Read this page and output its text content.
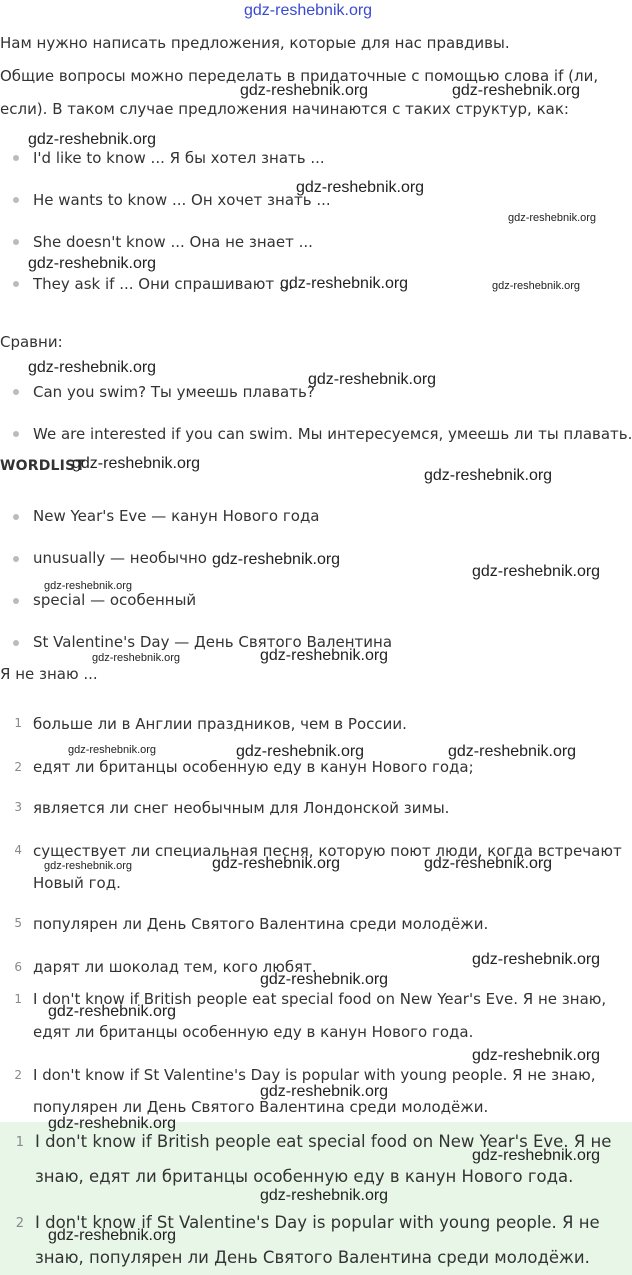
gdz-reshebnik.org
Нам нужно написать предложения, которые для нас правдивы.
Общие вопросы можно переделать в придаточные с помощью слова if (ли,
если). В таком случае предложения начинаются с таких структур, как:
I'd like to know ... Я бы хотел знать ...
He wants to know ... Он хочет знать ...
She doesn't know ... Она не знает ...
They ask if ... Они спрашивают ...
Сравни:
Can you swim? Ты умеешь плавать?
We are interested if you can swim. Мы интересуемся, умеешь ли ты плавать.
WORDLIST
New Year's Eve — канун Нового года
unusually — необычно
special — особенный
St Valentine's Day — День Святого Валентина
Я не знаю ...
1 больше ли в Англии праздников, чем в России.
2 едят ли британцы особенную еду в канун Нового года;
3 является ли снег необычным для Лондонской зимы.
4 существует ли специальная песня, которую поют люди, когда встречают
Новый год.
5 популярен ли День Святого Валентина среди молодёжи.
6 дарят ли шоколад тем, кого любят.
1 I don't know if British people eat special food on New Year's Eve. Я не знаю,
едят ли британцы особенную еду в канун Нового года.
2 I don't know if St Valentine's Day is popular with young people. Я не знаю,
популярен ли День Святого Валентина среди молодёжи.
1 I don't know if British people eat special food on New Year's Eve. Я не
знаю, едят ли британцы особенную еду в канун Нового года.
2 I don't know if St Valentine's Day is popular with young people. Я не
знаю, популярен ли День Святого Валентина среди молодёжи.
gdz-reshebnik.org	gdz-reshebnik.org
gdz-reshebnik.org
gdz-reshebnik.org
gdz-reshebnik.org
gdz-reshebnik.org
gdz-reshebnik.org	gdz-reshebnik.org
gdz-reshebnik.org
gdz-reshebnik.org
gdz-reshebnik.org
gdz-reshebnik.org
gdz-reshebnik.org
gdz-reshebnik.org
gdz-reshebnik.org
gdz-reshebnik.org	gdz-reshebnik.org
gdz-reshebnik.org	gdz-reshebnik.org	gdz-reshebnik.org
gdz-reshebnik.org	gdz-reshebnik.org	gdz-reshebnik.org
gdz-reshebnik.org
gdz-reshebnik.org
gdz-reshebnik.org
gdz-reshebnik.org
gdz-reshebnik.org
gdz-reshebnik.org
gdz-reshebnik.org
gdz-reshebnik.org
gdz-reshebnik.org
